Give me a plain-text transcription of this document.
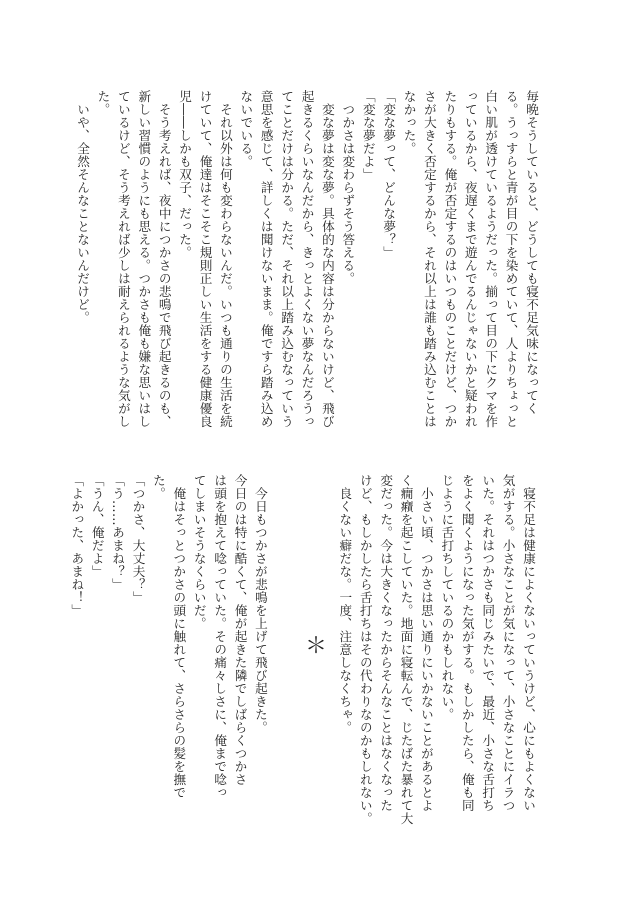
毎晩そうしていると、どうしても寝不足気味になってく
る。うっすらと青が目の下を染めていて、人よりちょっと
白い肌が透けているようだった。揃って目の下にクマを作
っているから、夜遅くまで遊んでるんじゃないかと疑われ
たりもする。俺が否定するのはいつものことだけど、つか
さが大きく否定するから、それ以上は誰も踏み込むことは
なかった。
「変な夢って、どんな夢？」
「変な夢だよ」
つかさは変わらずそう答える。
変な夢は変な夢。具体的な内容は分からないけど、飛び
起きるくらいなんだから、きっとよくない夢なんだろうっ
てことだけは分かる。ただ、それ以上踏み込むなっていう
意思を感じて、詳しくは聞けないまま。俺ですら踏み込め
ないでいる。
それ以外は何も変わらないんだ。いつも通りの生活を続
けていて、俺達はそこそこ規則正しい生活をする健康優良
児――しかも双子、だった。
そう考えれば、夜中につかさの悲鳴で飛び起きるのも、
新しい習慣のようにも思える。つかさも俺も嫌な思いはし
ているけど、そう考えれば少しは耐えられるような気がし
た。
いや、全然そんなことないんだけど。
寝不足は健康によくないっていうけど、心にもよくない
気がする。小さなことが気になって、小さなことにイラつ
いた。それはつかさも同じみたいで、最近、小さな舌打ち
をよく聞くようになった気がする。もしかしたら、俺も同
じように舌打ちしているのかもしれない。
小さい頃、つかさは思い通りにいかないことがあるとよ
く癇癪を起こしていた。地面に寝転んで、じたばた暴れて大
変だった。今は大きくなったからそんなことはなくなった
けど、もしかしたら舌打ちはその代わりなのかもしれない。
良くない癖だな。一度、注意しなくちゃ。
今日もつかさが悲鳴を上げて飛び起きた。
今日のは特に酷くて、俺が起きた隣でしばらくつかさ
は頭を抱えて唸っていた。その痛々しさに、俺まで唸っ
てしまいそうなくらいだ。
俺はそっとつかさの頭に触れて、さらさらの髪を撫で
た。
「つかさ、大丈夫？」
「う……あまね？」
「うん、俺だよ」
「よかった、あまね！」
＊
